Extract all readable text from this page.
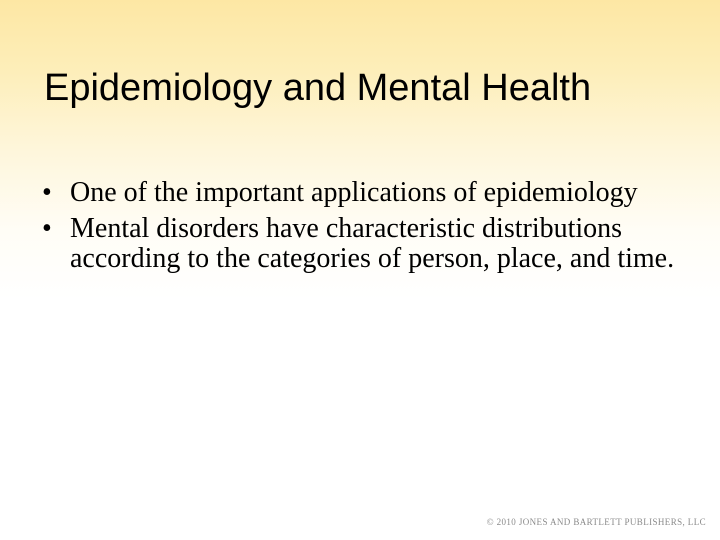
Epidemiology and Mental Health
• One of the important applications of epidemiology
• Mental disorders have characteristic distributions according to the categories of person, place, and time.
© 2010 JONES AND BARTLETT PUBLISHERS, LLC
